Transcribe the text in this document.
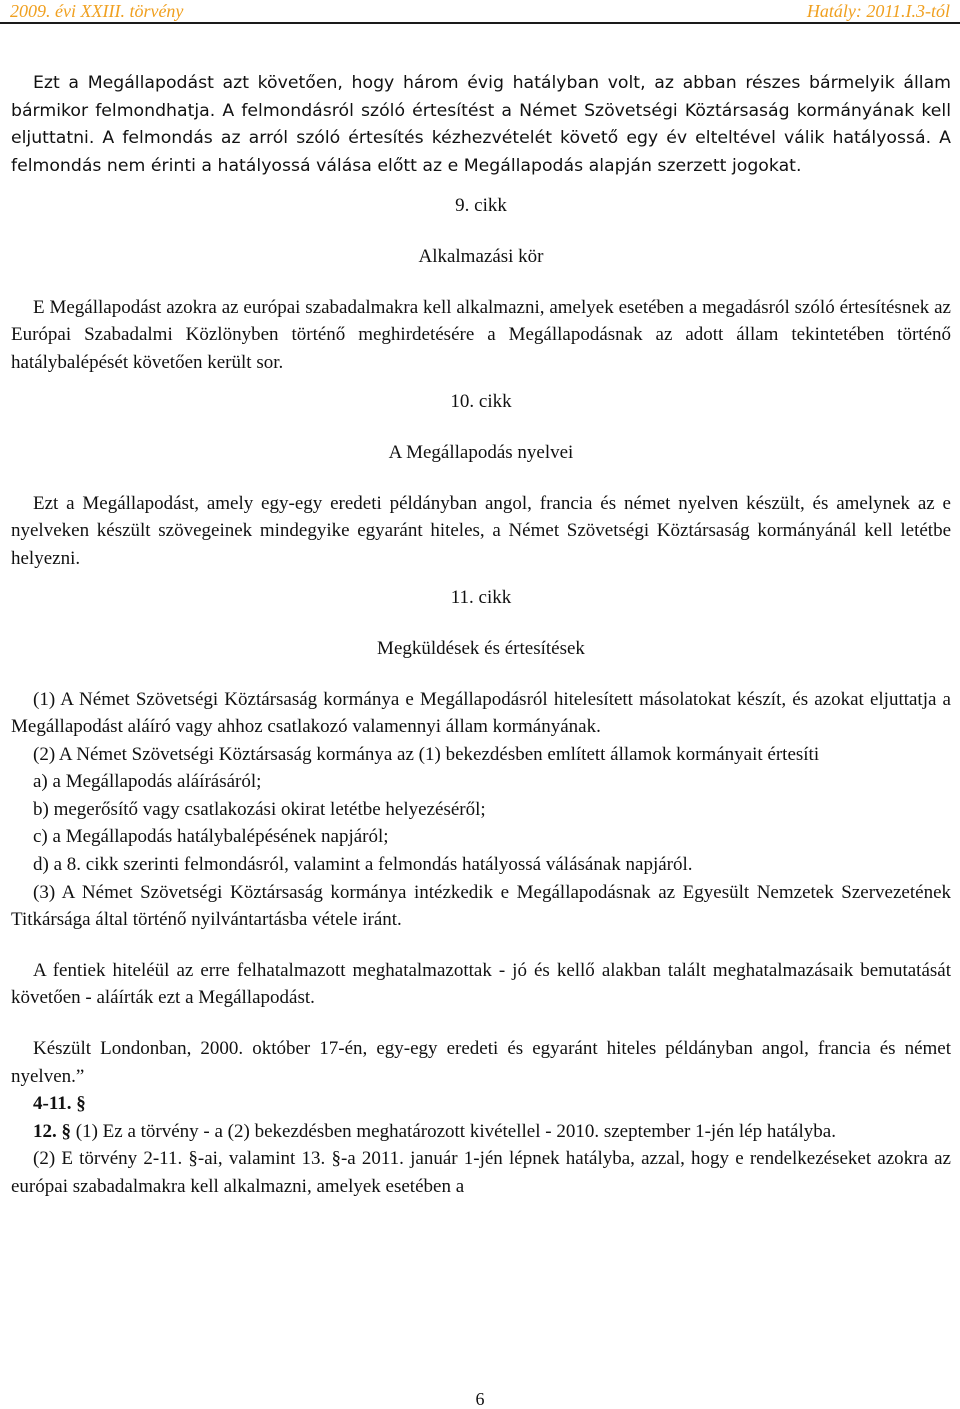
2009. évi XXIII. törvény	Hatály: 2011.I.3-tól

Ezt a Megállapodást azt követően, hogy három évig hatályban volt, az abban részes bármelyik állam bármikor felmondhatja. A felmondásról szóló értesítést a Német Szövetségi Köztársaság kormányának kell eljuttatni. A felmondás az arról szóló értesítés kézhezvételét követő egy év elteltével válik hatályossá. A felmondás nem érinti a hatályossá válása előtt az e Megállapodás alapján szerzett jogokat.

9. cikk

Alkalmazási kör

E Megállapodást azokra az európai szabadalmakra kell alkalmazni, amelyek esetében a megadásról szóló értesítésnek az Európai Szabadalmi Közlönyben történő meghirdetésére a Megállapodásnak az adott állam tekintetében történő hatálybalépését követően került sor.

10. cikk

A Megállapodás nyelvei

Ezt a Megállapodást, amely egy-egy eredeti példányban angol, francia és német nyelven készült, és amelynek az e nyelveken készült szövegeinek mindegyike egyaránt hiteles, a Német Szövetségi Köztársaság kormányánál kell letétbe helyezni.

11. cikk

Megküldések és értesítések

(1) A Német Szövetségi Köztársaság kormánya e Megállapodásról hitelesített másolatokat készít, és azokat eljuttatja a Megállapodást aláíró vagy ahhoz csatlakozó valamennyi állam kormányának.

(2) A Német Szövetségi Köztársaság kormánya az (1) bekezdésben említett államok kormányait értesíti

a) a Megállapodás aláírásáról;

b) megerősítő vagy csatlakozási okirat letétbe helyezéséről;

c) a Megállapodás hatálybalépésének napjáról;

d) a 8. cikk szerinti felmondásról, valamint a felmondás hatályossá válásának napjáról.

(3) A Német Szövetségi Köztársaság kormánya intézkedik e Megállapodásnak az Egyesült Nemzetek Szervezetének Titkársága által történő nyilvántartásba vétele iránt.

A fentiek hiteléül az erre felhatalmazott meghatalmazottak - jó és kellő alakban talált meghatalmazásaik bemutatását követően - aláírták ezt a Megállapodást.

Készült Londonban, 2000. október 17-én, egy-egy eredeti és egyaránt hiteles példányban angol, francia és német nyelven.”

4-11. §

12. § (1) Ez a törvény - a (2) bekezdésben meghatározott kivétellel - 2010. szeptember 1-jén lép hatályba.

(2) E törvény 2-11. §-ai, valamint 13. §-a 2011. január 1-jén lépnek hatályba, azzal, hogy e rendelkezéseket azokra az európai szabadalmakra kell alkalmazni, amelyek esetében a

6
